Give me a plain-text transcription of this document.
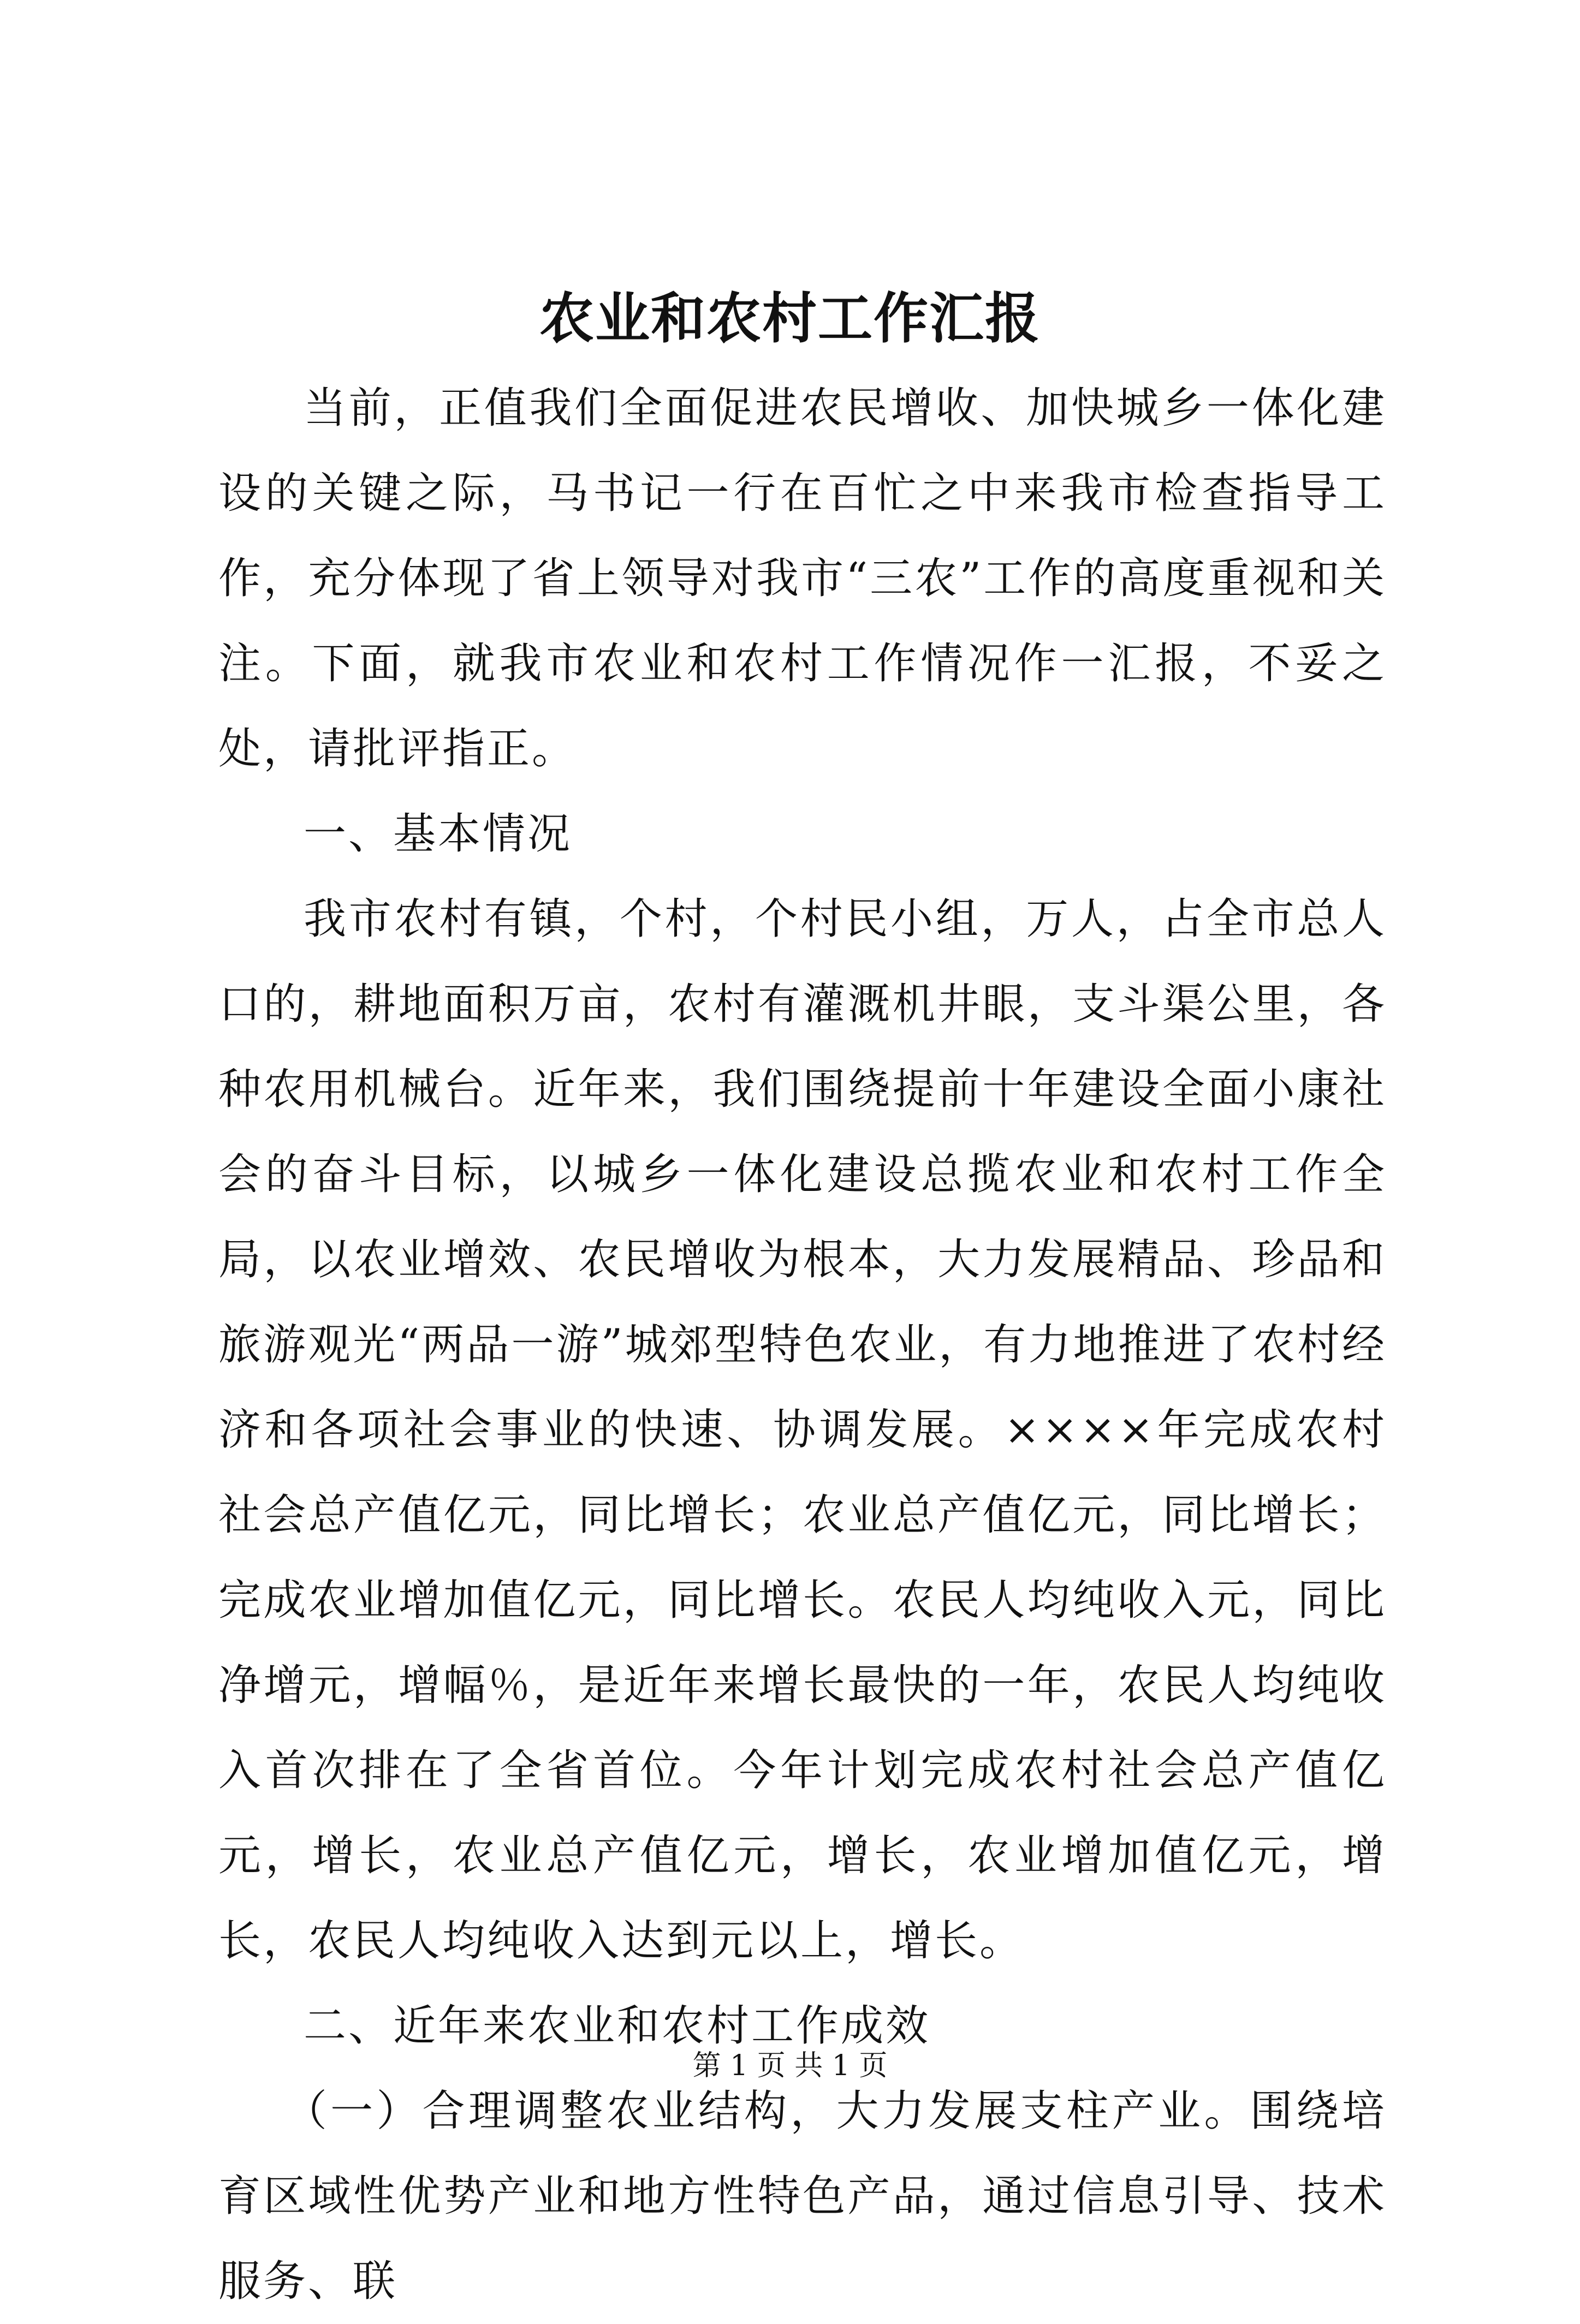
农业和农村工作汇报

当前，正值我们全面促进农民增收、加快城乡一体化建设的关键之际，马书记一行在百忙之中来我市检查指导工作，充分体现了省上领导对我市“三农”工作的高度重视和关注。下面，就我市农业和农村工作情况作一汇报，不妥之处，请批评指正。

一、基本情况

我市农村有镇，个村，个村民小组，万人，占全市总人口的，耕地面积万亩，农村有灌溉机井眼，支斗渠公里，各种农用机械台。近年来，我们围绕提前十年建设全面小康社会的奋斗目标，以城乡一体化建设总揽农业和农村工作全局，以农业增效、农民增收为根本，大力发展精品、珍品和旅游观光“两品一游”城郊型特色农业，有力地推进了农村经济和各项社会事业的快速、协调发展。××××年完成农村社会总产值亿元，同比增长；农业总产值亿元，同比增长；完成农业增加值亿元，同比增长。农民人均纯收入元，同比净增元，增幅％，是近年来增长最快的一年，农民人均纯收入首次排在了全省首位。今年计划完成农村社会总产值亿元，增长，农业总产值亿元，增长，农业增加值亿元，增长，农民人均纯收入达到元以上，增长。

二、近年来农业和农村工作成效

（一）合理调整农业结构，大力发展支柱产业。围绕培育区域性优势产业和地方性特色产品，通过信息引导、技术服务、联

第 1 页 共 1 页
